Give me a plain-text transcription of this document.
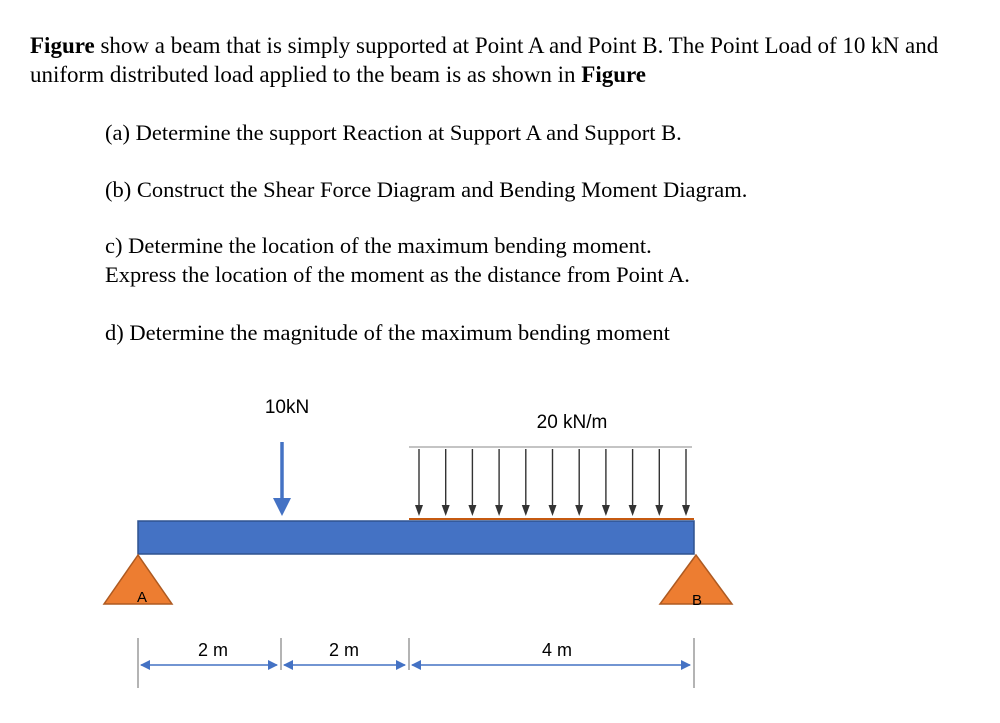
Figure show a beam that is simply supported at Point A and Point B. The Point Load of 10 kN and uniform distributed load applied to the beam is as shown in Figure
(a) Determine the support Reaction at Support A and Support B.
(b) Construct the Shear Force Diagram and Bending Moment Diagram.
c) Determine the location of the maximum bending moment.
Express the location of the moment as the distance from Point A.
d) Determine the magnitude of the maximum bending moment
10kN
20 kN/m
A	B
2 m	2 m	4 m
